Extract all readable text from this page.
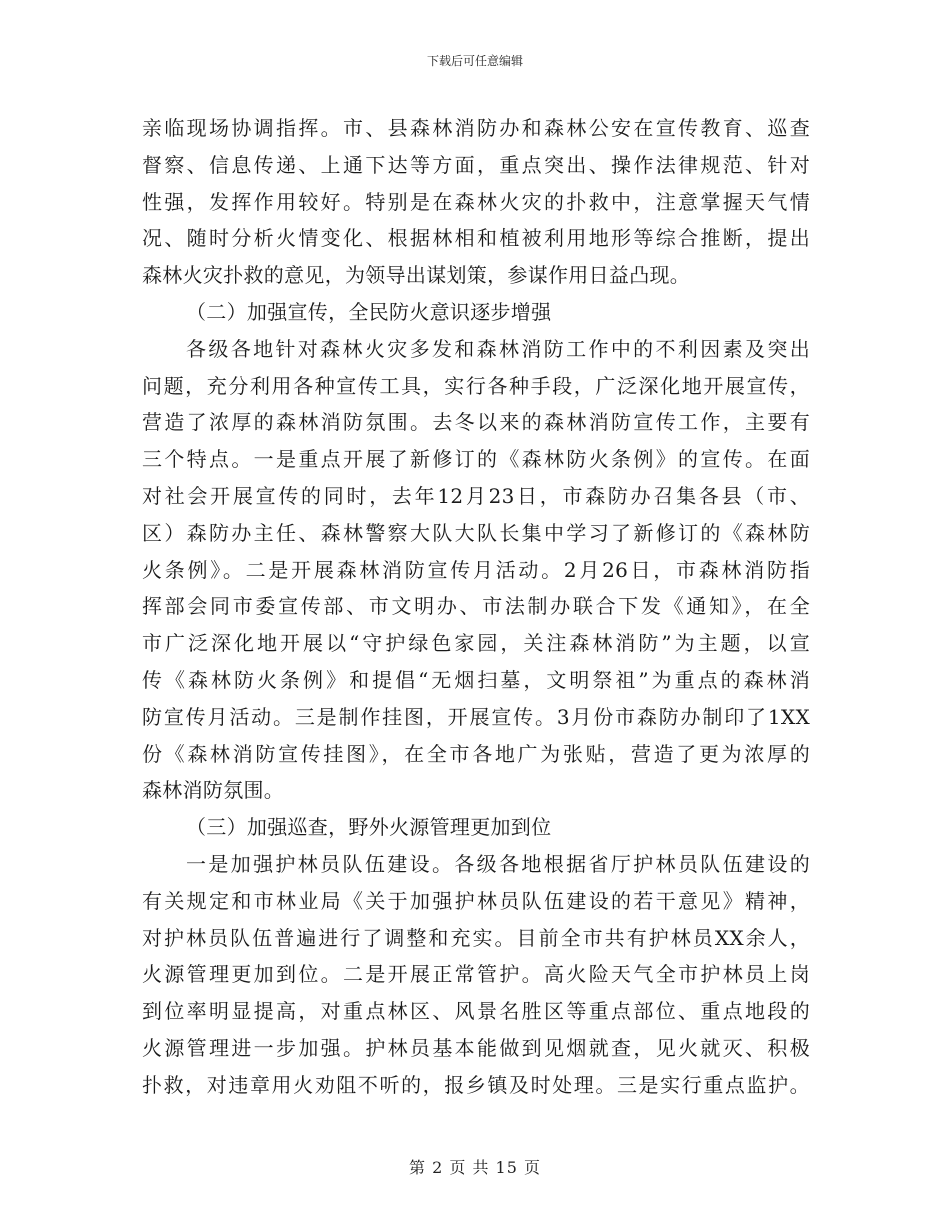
下载后可任意编辑
亲临现场协调指挥。市、县森林消防办和森林公安在宣传教育、巡查
督察、信息传递、上通下达等方面，重点突出、操作法律规范、针对
性强，发挥作用较好。特别是在森林火灾的扑救中，注意掌握天气情
况、随时分析火情变化、根据林相和植被利用地形等综合推断，提出
森林火灾扑救的意见，为领导出谋划策，参谋作用日益凸现。
（二）加强宣传，全民防火意识逐步增强
各级各地针对森林火灾多发和森林消防工作中的不利因素及突出
问题，充分利用各种宣传工具，实行各种手段，广泛深化地开展宣传，
营造了浓厚的森林消防氛围。去冬以来的森林消防宣传工作，主要有
三个特点。一是重点开展了新修订的《森林防火条例》的宣传。在面
对社会开展宣传的同时，去年12月23日，市森防办召集各县（市、
区）森防办主任、森林警察大队大队长集中学习了新修订的《森林防
火条例》。二是开展森林消防宣传月活动。2月26日，市森林消防指
挥部会同市委宣传部、市文明办、市法制办联合下发《通知》，在全
市广泛深化地开展以“守护绿色家园，关注森林消防”为主题，以宣
传《森林防火条例》和提倡“无烟扫墓，文明祭祖”为重点的森林消
防宣传月活动。三是制作挂图，开展宣传。3月份市森防办制印了1XX
份《森林消防宣传挂图》，在全市各地广为张贴，营造了更为浓厚的
森林消防氛围。
（三）加强巡查，野外火源管理更加到位
一是加强护林员队伍建设。各级各地根据省厅护林员队伍建设的
有关规定和市林业局《关于加强护林员队伍建设的若干意见》精神，
对护林员队伍普遍进行了调整和充实。目前全市共有护林员XX余人，
火源管理更加到位。二是开展正常管护。高火险天气全市护林员上岗
到位率明显提高，对重点林区、风景名胜区等重点部位、重点地段的
火源管理进一步加强。护林员基本能做到见烟就查，见火就灭、积极
扑救，对违章用火劝阻不听的，报乡镇及时处理。三是实行重点监护。
第 2 页 共 15 页
